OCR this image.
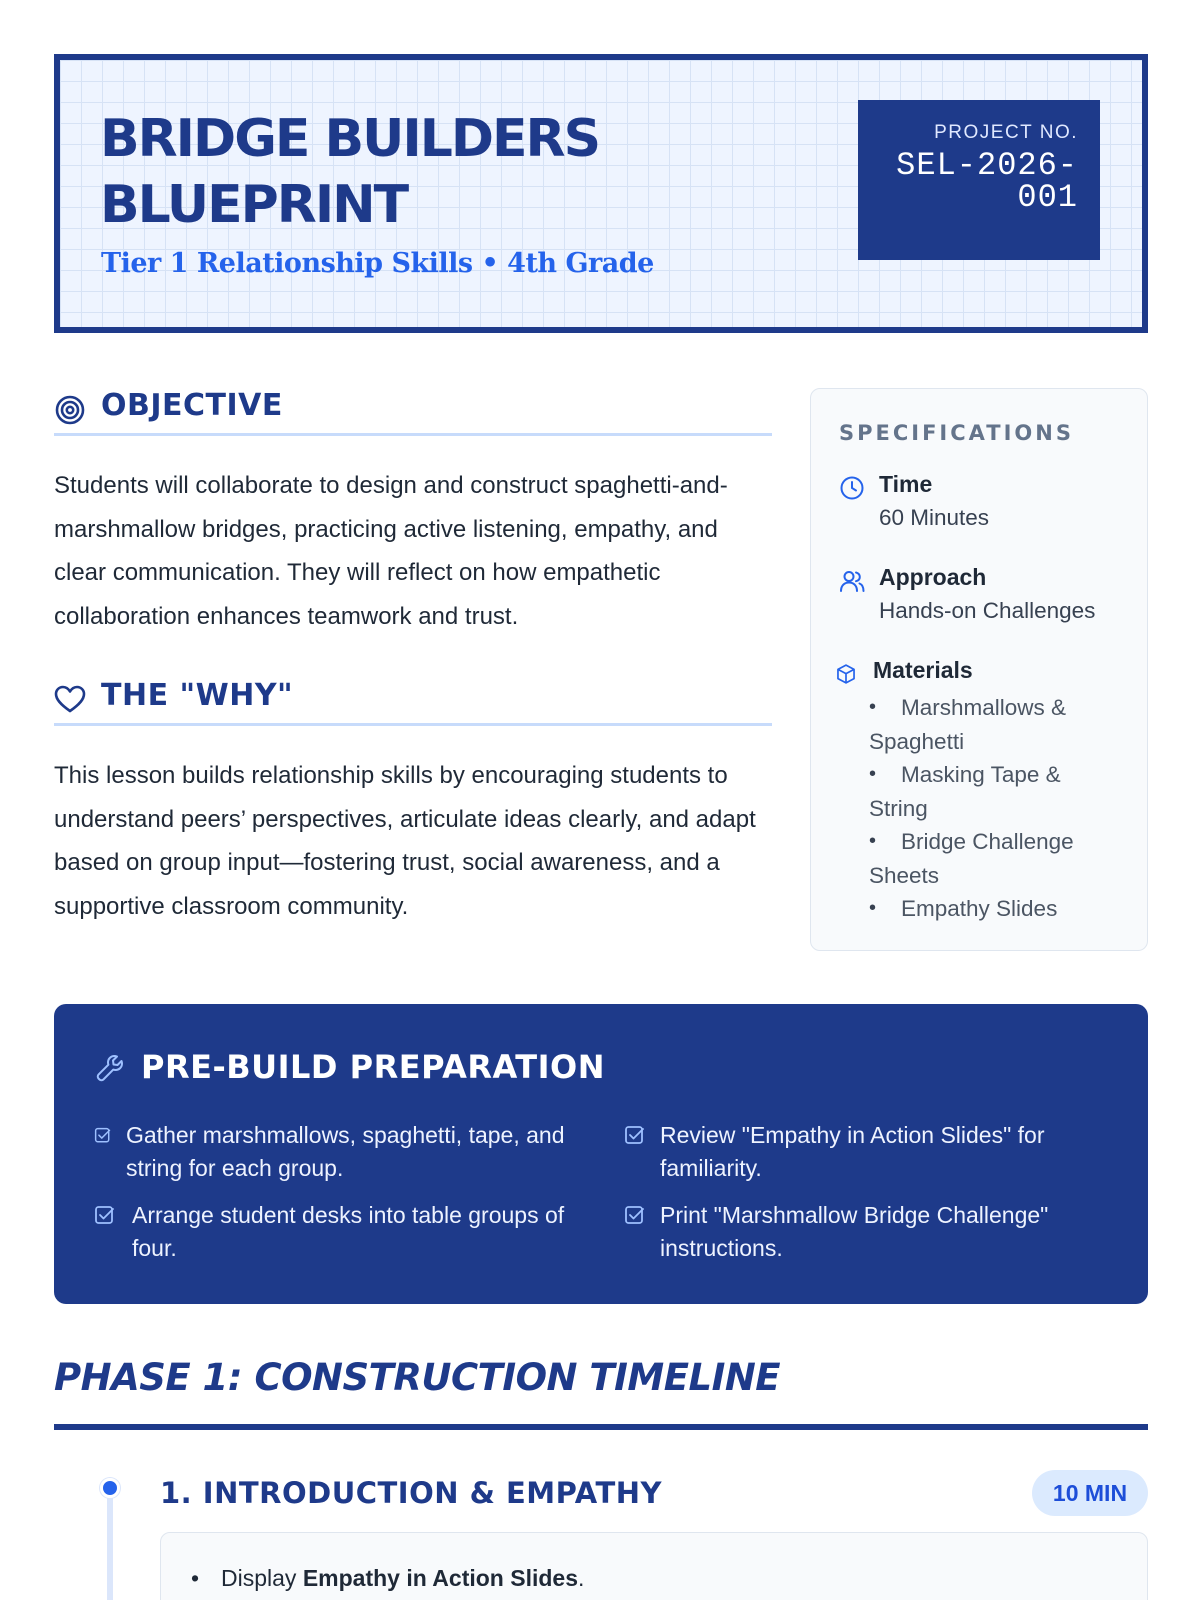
BRIDGE BUILDERS
BLUEPRINT
Tier 1 Relationship Skills • 4th Grade
PROJECT NO.
SEL-2026-
001
OBJECTIVE

Students will collaborate to design and construct spaghetti-and-marshmallow bridges, practicing active listening, empathy, and clear communication. They will reflect on how empathetic collaboration enhances teamwork and trust.

THE "WHY"

This lesson builds relationship skills by encouraging students to understand peers’ perspectives, articulate ideas clearly, and adapt based on group input—fostering trust, social awareness, and a supportive classroom community.

SPECIFICATIONS
Time
60 Minutes
Approach
Hands-on Challenges
Materials
• Marshmallows & Spaghetti
• Masking Tape & String
• Bridge Challenge Sheets
• Empathy Slides
PRE-BUILD PREPARATION
Gather marshmallows, spaghetti, tape, and string for each group.
Review "Empathy in Action Slides" for familiarity.
Arrange student desks into table groups of four.
Print "Marshmallow Bridge Challenge" instructions.
PHASE 1: CONSTRUCTION TIMELINE
1. INTRODUCTION & EMPATHY	10 MIN
• Display Empathy in Action Slides.
